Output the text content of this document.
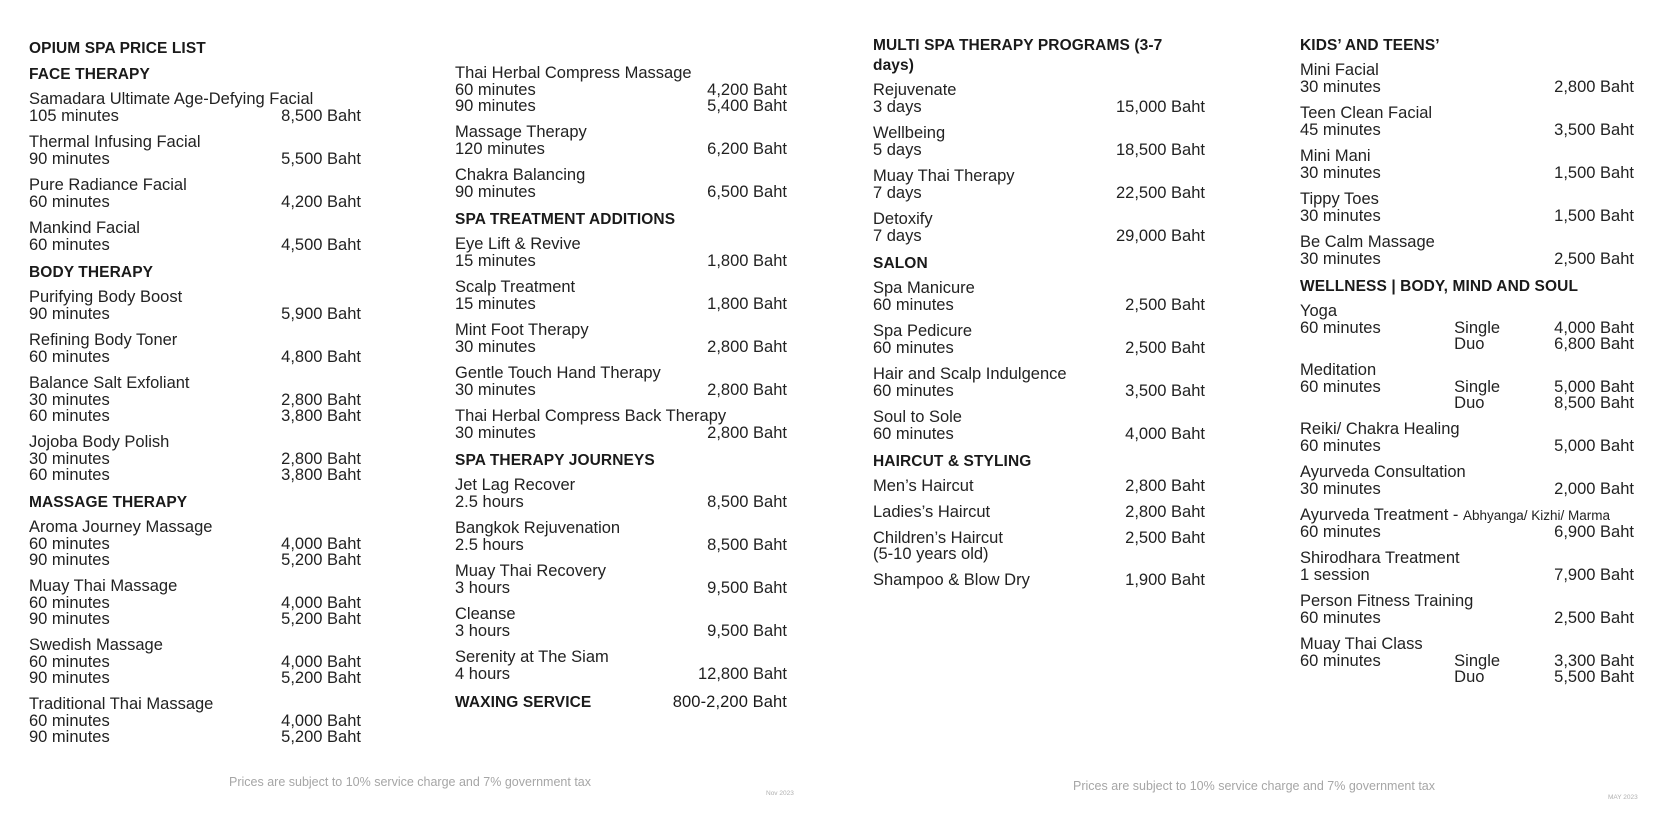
OPIUM SPA PRICE LIST
FACE THERAPY
Samadara Ultimate Age-Defying Facial
105 minutes	8,500 Baht
Thermal Infusing Facial
90 minutes	5,500 Baht
Pure Radiance Facial
60 minutes	4,200 Baht
Mankind Facial
60 minutes	4,500 Baht
BODY THERAPY
Purifying Body Boost
90 minutes	5,900 Baht
Refining Body Toner
60 minutes	4,800 Baht
Balance Salt Exfoliant
30 minutes	2,800 Baht
60 minutes	3,800 Baht
Jojoba Body Polish
30 minutes	2,800 Baht
60 minutes	3,800 Baht
MASSAGE THERAPY
Aroma Journey Massage
60 minutes	4,000 Baht
90 minutes	5,200 Baht
Muay Thai Massage
60 minutes	4,000 Baht
90 minutes	5,200 Baht
Swedish Massage
60 minutes	4,000 Baht
90 minutes	5,200 Baht
Traditional Thai Massage
60 minutes	4,000 Baht
90 minutes	5,200 Baht
Thai Herbal Compress Massage
60 minutes	4,200 Baht
90 minutes	5,400 Baht
Massage Therapy
120 minutes	6,200 Baht
Chakra Balancing
90 minutes	6,500 Baht
SPA TREATMENT ADDITIONS
Eye Lift & Revive
15 minutes	1,800 Baht
Scalp Treatment
15 minutes	1,800 Baht
Mint Foot Therapy
30 minutes	2,800 Baht
Gentle Touch Hand Therapy
30 minutes	2,800 Baht
Thai Herbal Compress Back Therapy
30 minutes	2,800 Baht
SPA THERAPY JOURNEYS
Jet Lag Recover
2.5 hours	8,500 Baht
Bangkok Rejuvenation
2.5 hours	8,500 Baht
Muay Thai Recovery
3 hours	9,500 Baht
Cleanse
3 hours	9,500 Baht
Serenity at The Siam
4 hours	12,800 Baht
WAXING SERVICE	800-2,200 Baht
MULTI SPA THERAPY PROGRAMS (3-7 days)
Rejuvenate
3 days	15,000 Baht
Wellbeing
5 days	18,500 Baht
Muay Thai Therapy
7 days	22,500 Baht
Detoxify
7 days	29,000 Baht
SALON
Spa Manicure
60 minutes	2,500 Baht
Spa Pedicure
60 minutes	2,500 Baht
Hair and Scalp Indulgence
60 minutes	3,500 Baht
Soul to Sole
60 minutes	4,000 Baht
HAIRCUT & STYLING
Men’s Haircut	2,800 Baht
Ladies’s Haircut	2,800 Baht
Children’s Haircut	2,500 Baht
(5-10 years old)
Shampoo & Blow Dry	1,900 Baht
KIDS’ AND TEENS’
Mini Facial
30 minutes	2,800 Baht
Teen Clean Facial
45 minutes	3,500 Baht
Mini Mani
30 minutes	1,500 Baht
Tippy Toes
30 minutes	1,500 Baht
Be Calm Massage
30 minutes	2,500 Baht
WELLNESS | BODY, MIND AND SOUL
Yoga
60 minutes	Single	4,000 Baht
Duo	6,800 Baht
Meditation
60 minutes	Single	5,000 Baht
Duo	8,500 Baht
Reiki/ Chakra Healing
60 minutes	5,000 Baht
Ayurveda Consultation
30 minutes	2,000 Baht
Ayurveda Treatment - Abhyanga/ Kizhi/ Marma
60 minutes	6,900 Baht
Shirodhara Treatment
1 session	7,900 Baht
Person Fitness Training
60 minutes	2,500 Baht
Muay Thai Class
60 minutes	Single	3,300 Baht
Duo	5,500 Baht
Prices are subject to 10% service charge and 7% government tax
Nov 2023
Prices are subject to 10% service charge and 7% government tax
MAY 2023
